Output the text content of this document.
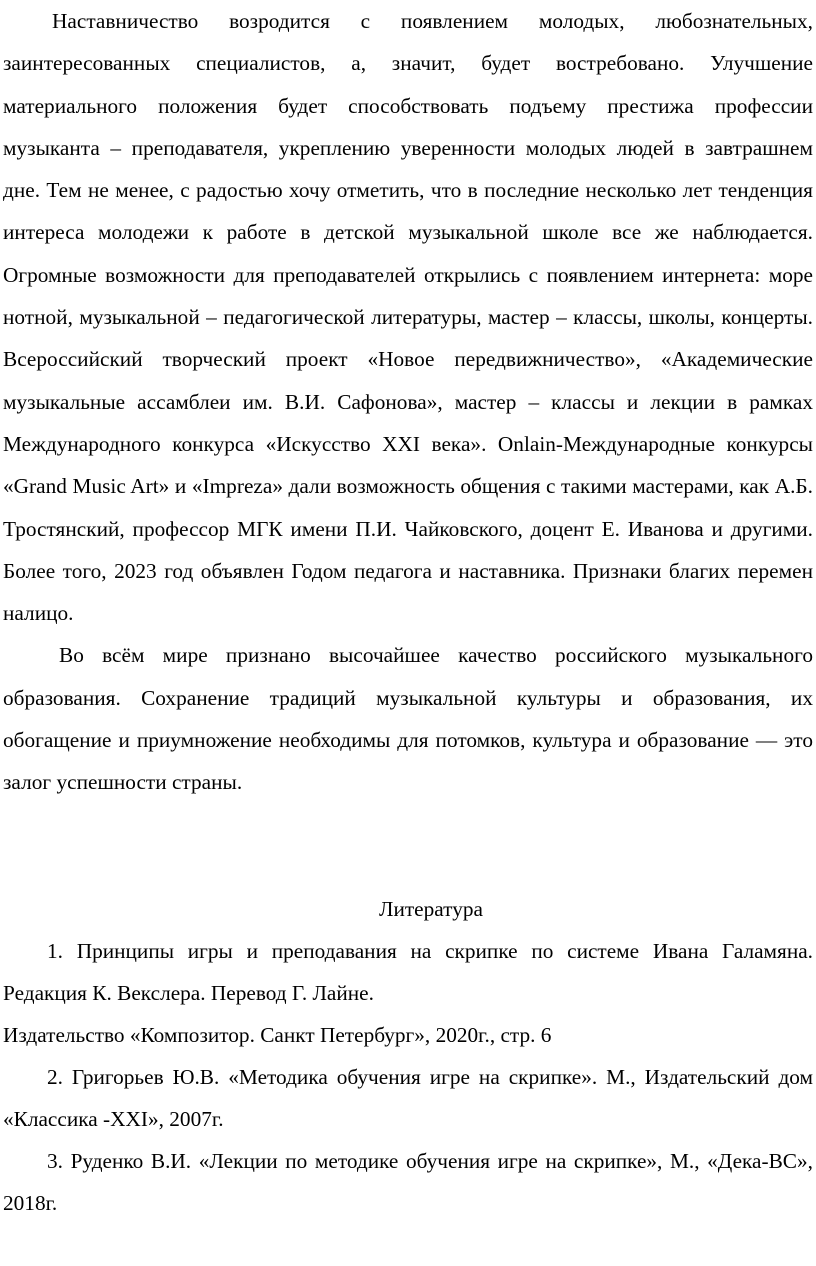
Наставничество возродится с появлением молодых, любознательных, заинтересованных специалистов, а, значит, будет востребовано. Улучшение материального положения будет способствовать подъему престижа профессии музыканта – преподавателя, укреплению уверенности молодых людей в завтрашнем дне. Тем не менее, с радостью хочу отметить, что в последние несколько лет тенденция интереса молодежи к работе в детской музыкальной школе все же наблюдается. Огромные возможности для преподавателей открылись с появлением интернета: море нотной, музыкальной – педагогической литературы, мастер – классы, школы, концерты. Всероссийский творческий проект «Новое передвижничество», «Академические музыкальные ассамблеи им. В.И. Сафонова», мастер – классы и лекции в рамках Международного конкурса «Искусство XXI века». Onlain-Международные конкурсы «Grand Music Art» и «Impreza» дали возможность общения с такими мастерами, как А.Б. Тростянский, профессор МГК имени П.И. Чайковского, доцент Е. Иванова и другими. Более того, 2023 год объявлен Годом педагога и наставника. Признаки благих перемен налицо.

Во всём мире признано высочайшее качество российского музыкального образования. Сохранение традиций музыкальной культуры и образования, их обогащение и приумножение необходимы для потомков, культура и образование — это залог успешности страны.

Литература

1. Принципы игры и преподавания на скрипке по системе Ивана Галамяна. Редакция К. Векслера. Перевод Г. Лайне.

Издательство «Композитор. Санкт Петербург», 2020г., стр. 6

2. Григорьев Ю.В. «Методика обучения игре на скрипке». М., Издательский дом «Классика -XXI», 2007г.

3. Руденко В.И. «Лекции по методике обучения игре на скрипке», М., «Дека-ВС», 2018г.
